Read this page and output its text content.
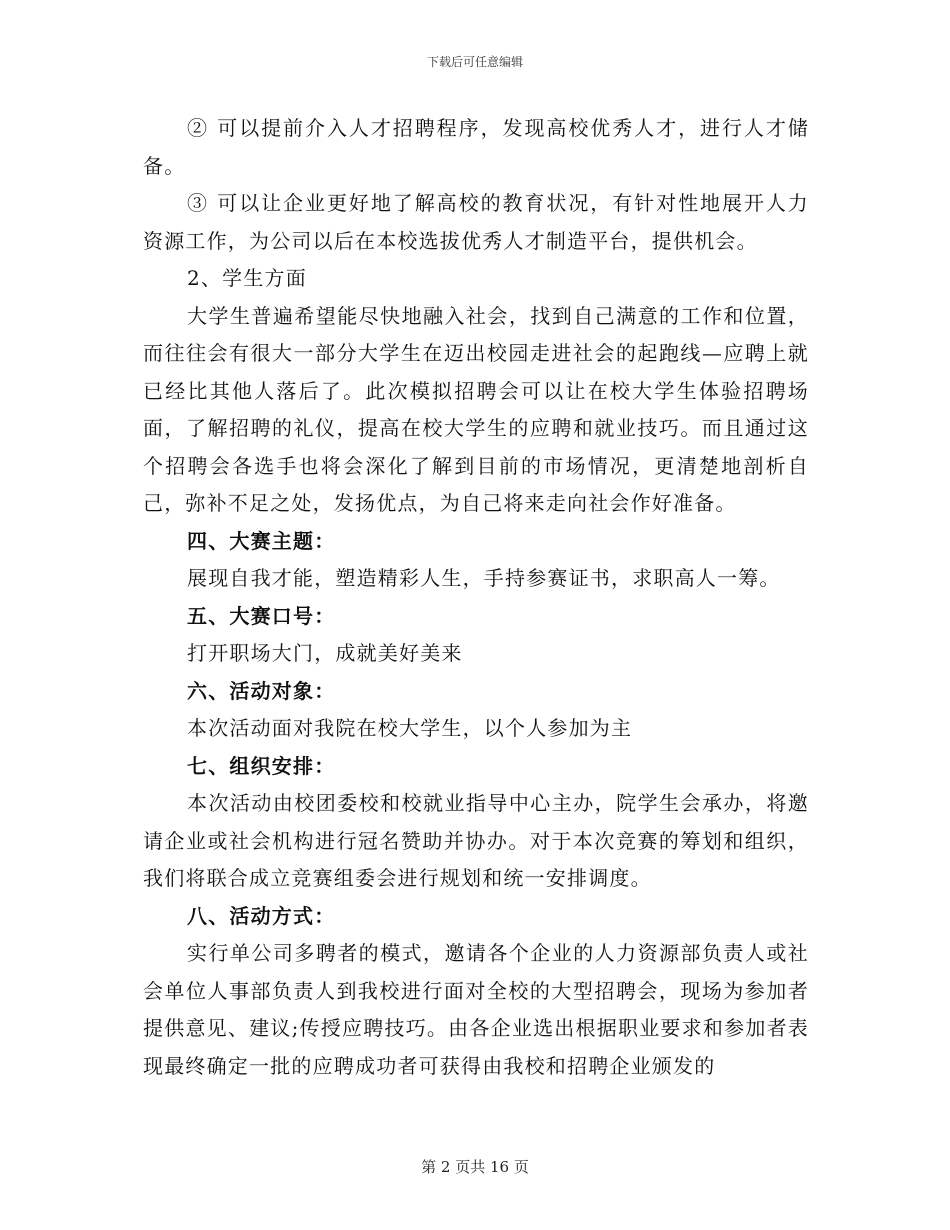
下载后可任意编辑

② 可以提前介入人才招聘程序，发现高校优秀人才，进行人才储备。

③ 可以让企业更好地了解高校的教育状况，有针对性地展开人力资源工作，为公司以后在本校选拔优秀人才制造平台，提供机会。

2、学生方面

大学生普遍希望能尽快地融入社会，找到自己满意的工作和位置，而往往会有很大一部分大学生在迈出校园走进社会的起跑线—应聘上就已经比其他人落后了。此次模拟招聘会可以让在校大学生体验招聘场面，了解招聘的礼仪，提高在校大学生的应聘和就业技巧。而且通过这个招聘会各选手也将会深化了解到目前的市场情况，更清楚地剖析自己，弥补不足之处，发扬优点，为自己将来走向社会作好准备。

四、大赛主题：

展现自我才能，塑造精彩人生，手持参赛证书，求职高人一筹。

五、大赛口号：

打开职场大门，成就美好美来

六、活动对象：

本次活动面对我院在校大学生，以个人参加为主

七、组织安排：

本次活动由校团委校和校就业指导中心主办，院学生会承办，将邀请企业或社会机构进行冠名赞助并协办。对于本次竞赛的筹划和组织，我们将联合成立竞赛组委会进行规划和统一安排调度。

八、活动方式：

实行单公司多聘者的模式，邀请各个企业的人力资源部负责人或社会单位人事部负责人到我校进行面对全校的大型招聘会，现场为参加者提供意见、建议;传授应聘技巧。由各企业选出根据职业要求和参加者表现最终确定一批的应聘成功者可获得由我校和招聘企业颁发的

第 2 页共 16 页
